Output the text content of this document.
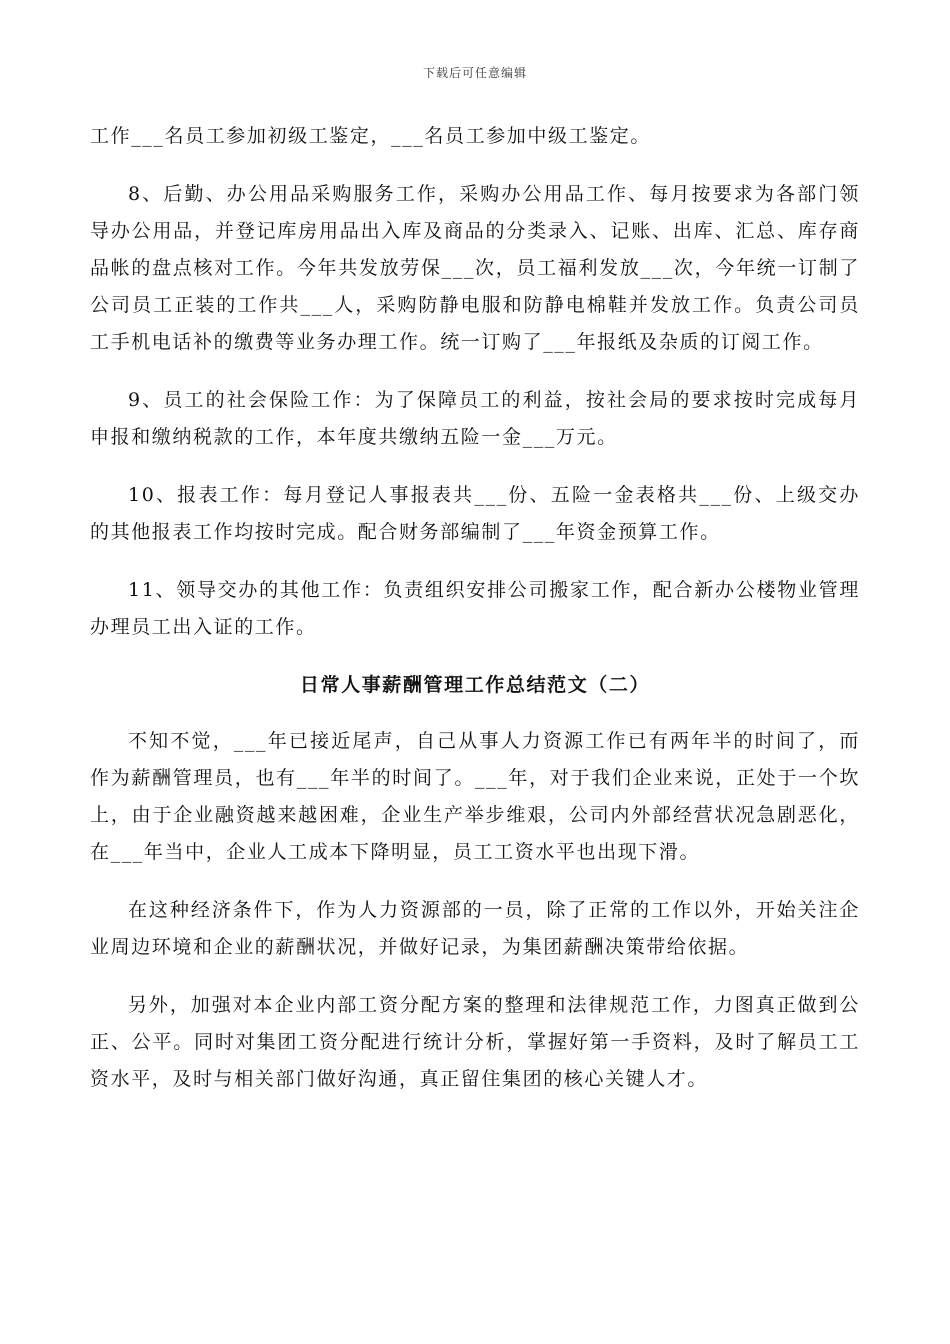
下载后可任意编辑

工作___名员工参加初级工鉴定，___名员工参加中级工鉴定。

8、后勤、办公用品采购服务工作，采购办公用品工作、每月按要求为各部门领导办公用品，并登记库房用品出入库及商品的分类录入、记账、出库、汇总、库存商品帐的盘点核对工作。今年共发放劳保___次，员工福利发放___次，今年统一订制了公司员工正装的工作共___人，采购防静电服和防静电棉鞋并发放工作。负责公司员工手机电话补的缴费等业务办理工作。统一订购了___年报纸及杂质的订阅工作。

9、员工的社会保险工作：为了保障员工的利益，按社会局的要求按时完成每月申报和缴纳税款的工作，本年度共缴纳五险一金___万元。

10、报表工作：每月登记人事报表共___份、五险一金表格共___份、上级交办的其他报表工作均按时完成。配合财务部编制了___年资金预算工作。

11、领导交办的其他工作：负责组织安排公司搬家工作，配合新办公楼物业管理办理员工出入证的工作。

日常人事薪酬管理工作总结范文（二）

不知不觉，___年已接近尾声，自己从事人力资源工作已有两年半的时间了，而作为薪酬管理员，也有___年半的时间了。___年，对于我们企业来说，正处于一个坎上，由于企业融资越来越困难，企业生产举步维艰，公司内外部经营状况急剧恶化，在___年当中，企业人工成本下降明显，员工工资水平也出现下滑。

在这种经济条件下，作为人力资源部的一员，除了正常的工作以外，开始关注企业周边环境和企业的薪酬状况，并做好记录，为集团薪酬决策带给依据。

另外，加强对本企业内部工资分配方案的整理和法律规范工作，力图真正做到公正、公平。同时对集团工资分配进行统计分析，掌握好第一手资料，及时了解员工工资水平，及时与相关部门做好沟通，真正留住集团的核心关键人才。
